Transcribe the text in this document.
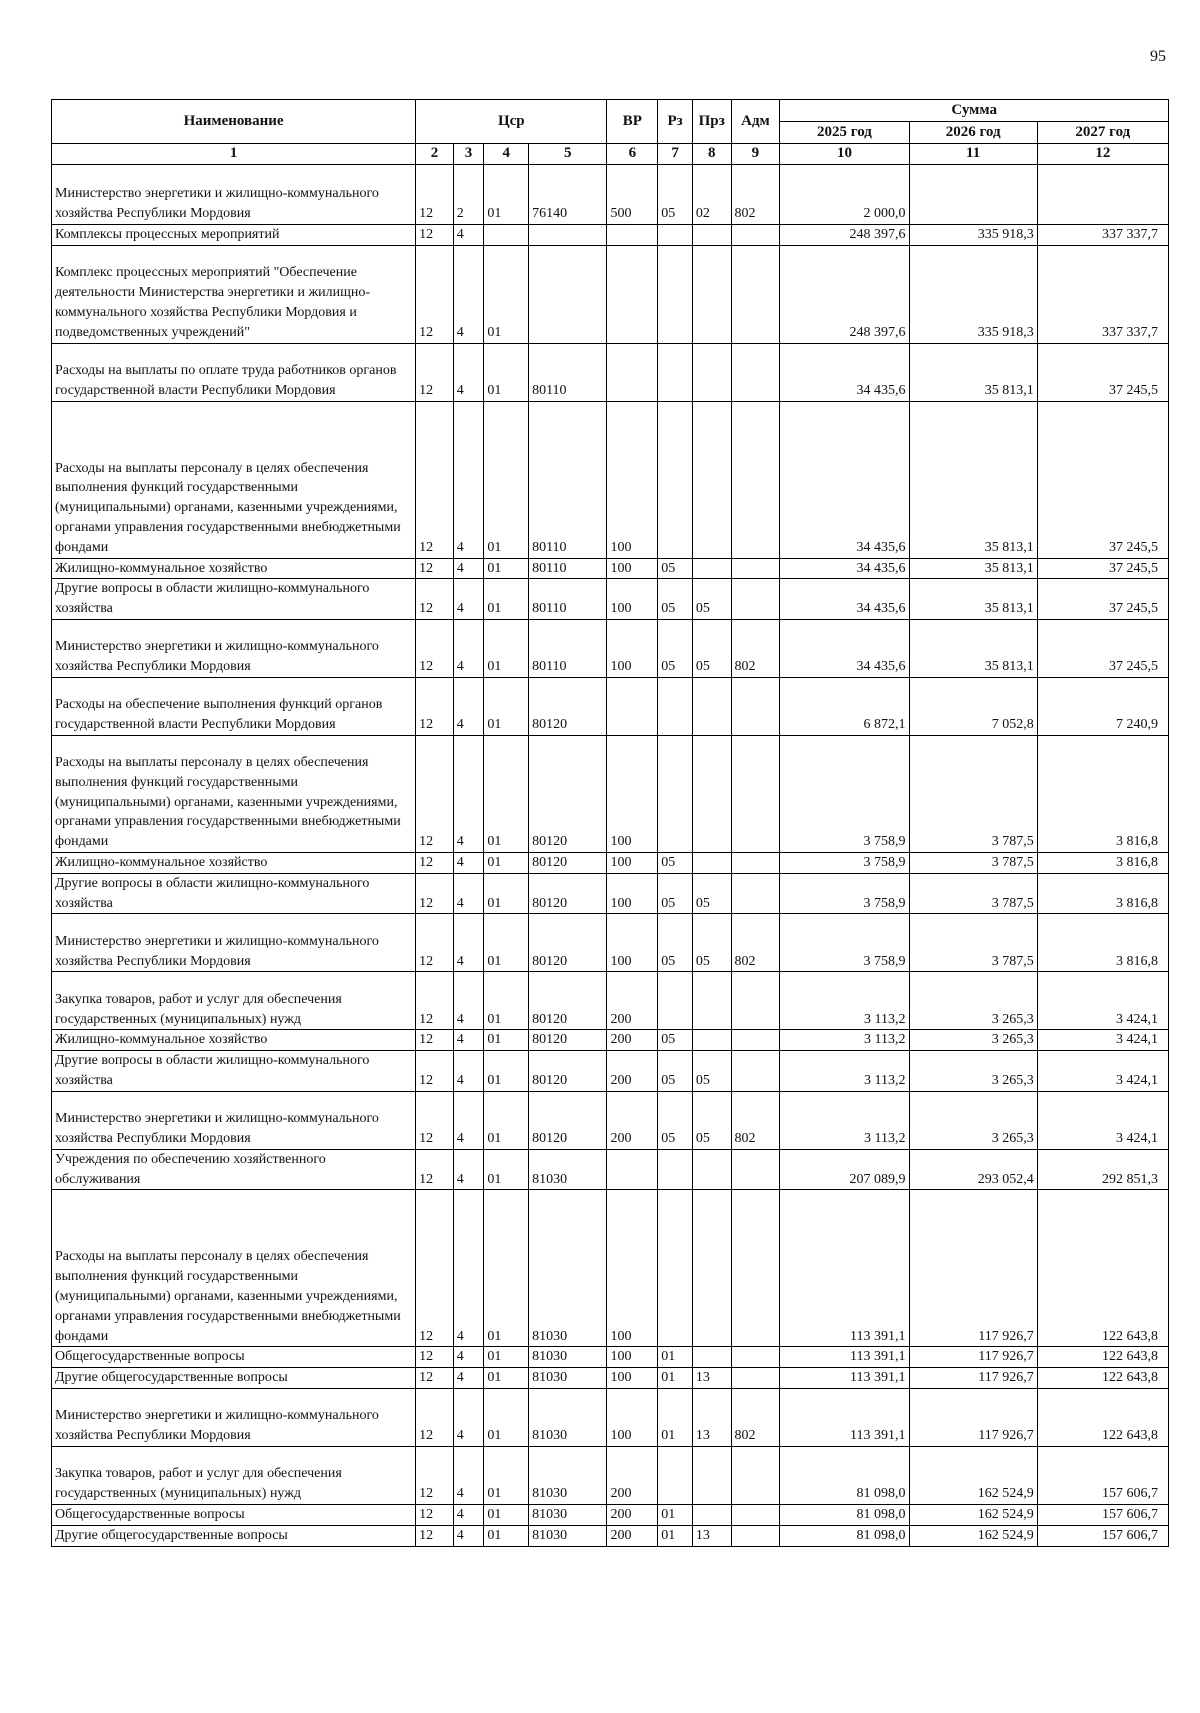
95
Наименование	Цср				ВР	Рз	Прз	Адм	Сумма		
									2025 год	2026 год	2027 год
1	2	3	4	5	6	7	8	9	10	11	12
Министерство энергетики и жилищно-коммунального хозяйства Республики Мордовия	12	2	01	76140	500	05	02	802	2 000,0		
Комплексы процессных мероприятий	12	4							248 397,6	335 918,3	337 337,7
Комплекс процессных мероприятий "Обеспечение деятельности Министерства энергетики и жилищно-коммунального хозяйства Республики Мордовия и подведомственных учреждений"	12	4	01						248 397,6	335 918,3	337 337,7
Расходы на выплаты по оплате труда работников органов государственной власти Республики Мордовия	12	4	01	80110					34 435,6	35 813,1	37 245,5
Расходы на выплаты персоналу в целях обеспечения выполнения функций государственными (муниципальными) органами, казенными учреждениями, органами управления государственными внебюджетными фондами	12	4	01	80110	100				34 435,6	35 813,1	37 245,5
Жилищно-коммунальное хозяйство	12	4	01	80110	100	05			34 435,6	35 813,1	37 245,5
Другие вопросы в области жилищно-коммунального хозяйства	12	4	01	80110	100	05	05		34 435,6	35 813,1	37 245,5
Министерство энергетики и жилищно-коммунального хозяйства Республики Мордовия	12	4	01	80110	100	05	05	802	34 435,6	35 813,1	37 245,5
Расходы на обеспечение выполнения функций органов государственной власти Республики Мордовия	12	4	01	80120					6 872,1	7 052,8	7 240,9
Расходы на выплаты персоналу в целях обеспечения выполнения функций государственными (муниципальными) органами, казенными учреждениями, органами управления государственными внебюджетными фондами	12	4	01	80120	100				3 758,9	3 787,5	3 816,8
Жилищно-коммунальное хозяйство	12	4	01	80120	100	05			3 758,9	3 787,5	3 816,8
Другие вопросы в области жилищно-коммунального хозяйства	12	4	01	80120	100	05	05		3 758,9	3 787,5	3 816,8
Министерство энергетики и жилищно-коммунального хозяйства Республики Мордовия	12	4	01	80120	100	05	05	802	3 758,9	3 787,5	3 816,8
Закупка товаров, работ и услуг для обеспечения государственных (муниципальных) нужд	12	4	01	80120	200				3 113,2	3 265,3	3 424,1
Жилищно-коммунальное хозяйство	12	4	01	80120	200	05			3 113,2	3 265,3	3 424,1
Другие вопросы в области жилищно-коммунального хозяйства	12	4	01	80120	200	05	05		3 113,2	3 265,3	3 424,1
Министерство энергетики и жилищно-коммунального хозяйства Республики Мордовия	12	4	01	80120	200	05	05	802	3 113,2	3 265,3	3 424,1
Учреждения по обеспечению хозяйственного обслуживания	12	4	01	81030					207 089,9	293 052,4	292 851,3
Расходы на выплаты персоналу в целях обеспечения выполнения функций государственными (муниципальными) органами, казенными учреждениями, органами управления государственными внебюджетными фондами	12	4	01	81030	100				113 391,1	117 926,7	122 643,8
Общегосударственные вопросы	12	4	01	81030	100	01			113 391,1	117 926,7	122 643,8
Другие общегосударственные вопросы	12	4	01	81030	100	01	13		113 391,1	117 926,7	122 643,8
Министерство энергетики и жилищно-коммунального хозяйства Республики Мордовия	12	4	01	81030	100	01	13	802	113 391,1	117 926,7	122 643,8
Закупка товаров, работ и услуг для обеспечения государственных (муниципальных) нужд	12	4	01	81030	200				81 098,0	162 524,9	157 606,7
Общегосударственные вопросы	12	4	01	81030	200	01			81 098,0	162 524,9	157 606,7
Другие общегосударственные вопросы	12	4	01	81030	200	01	13		81 098,0	162 524,9	157 606,7
